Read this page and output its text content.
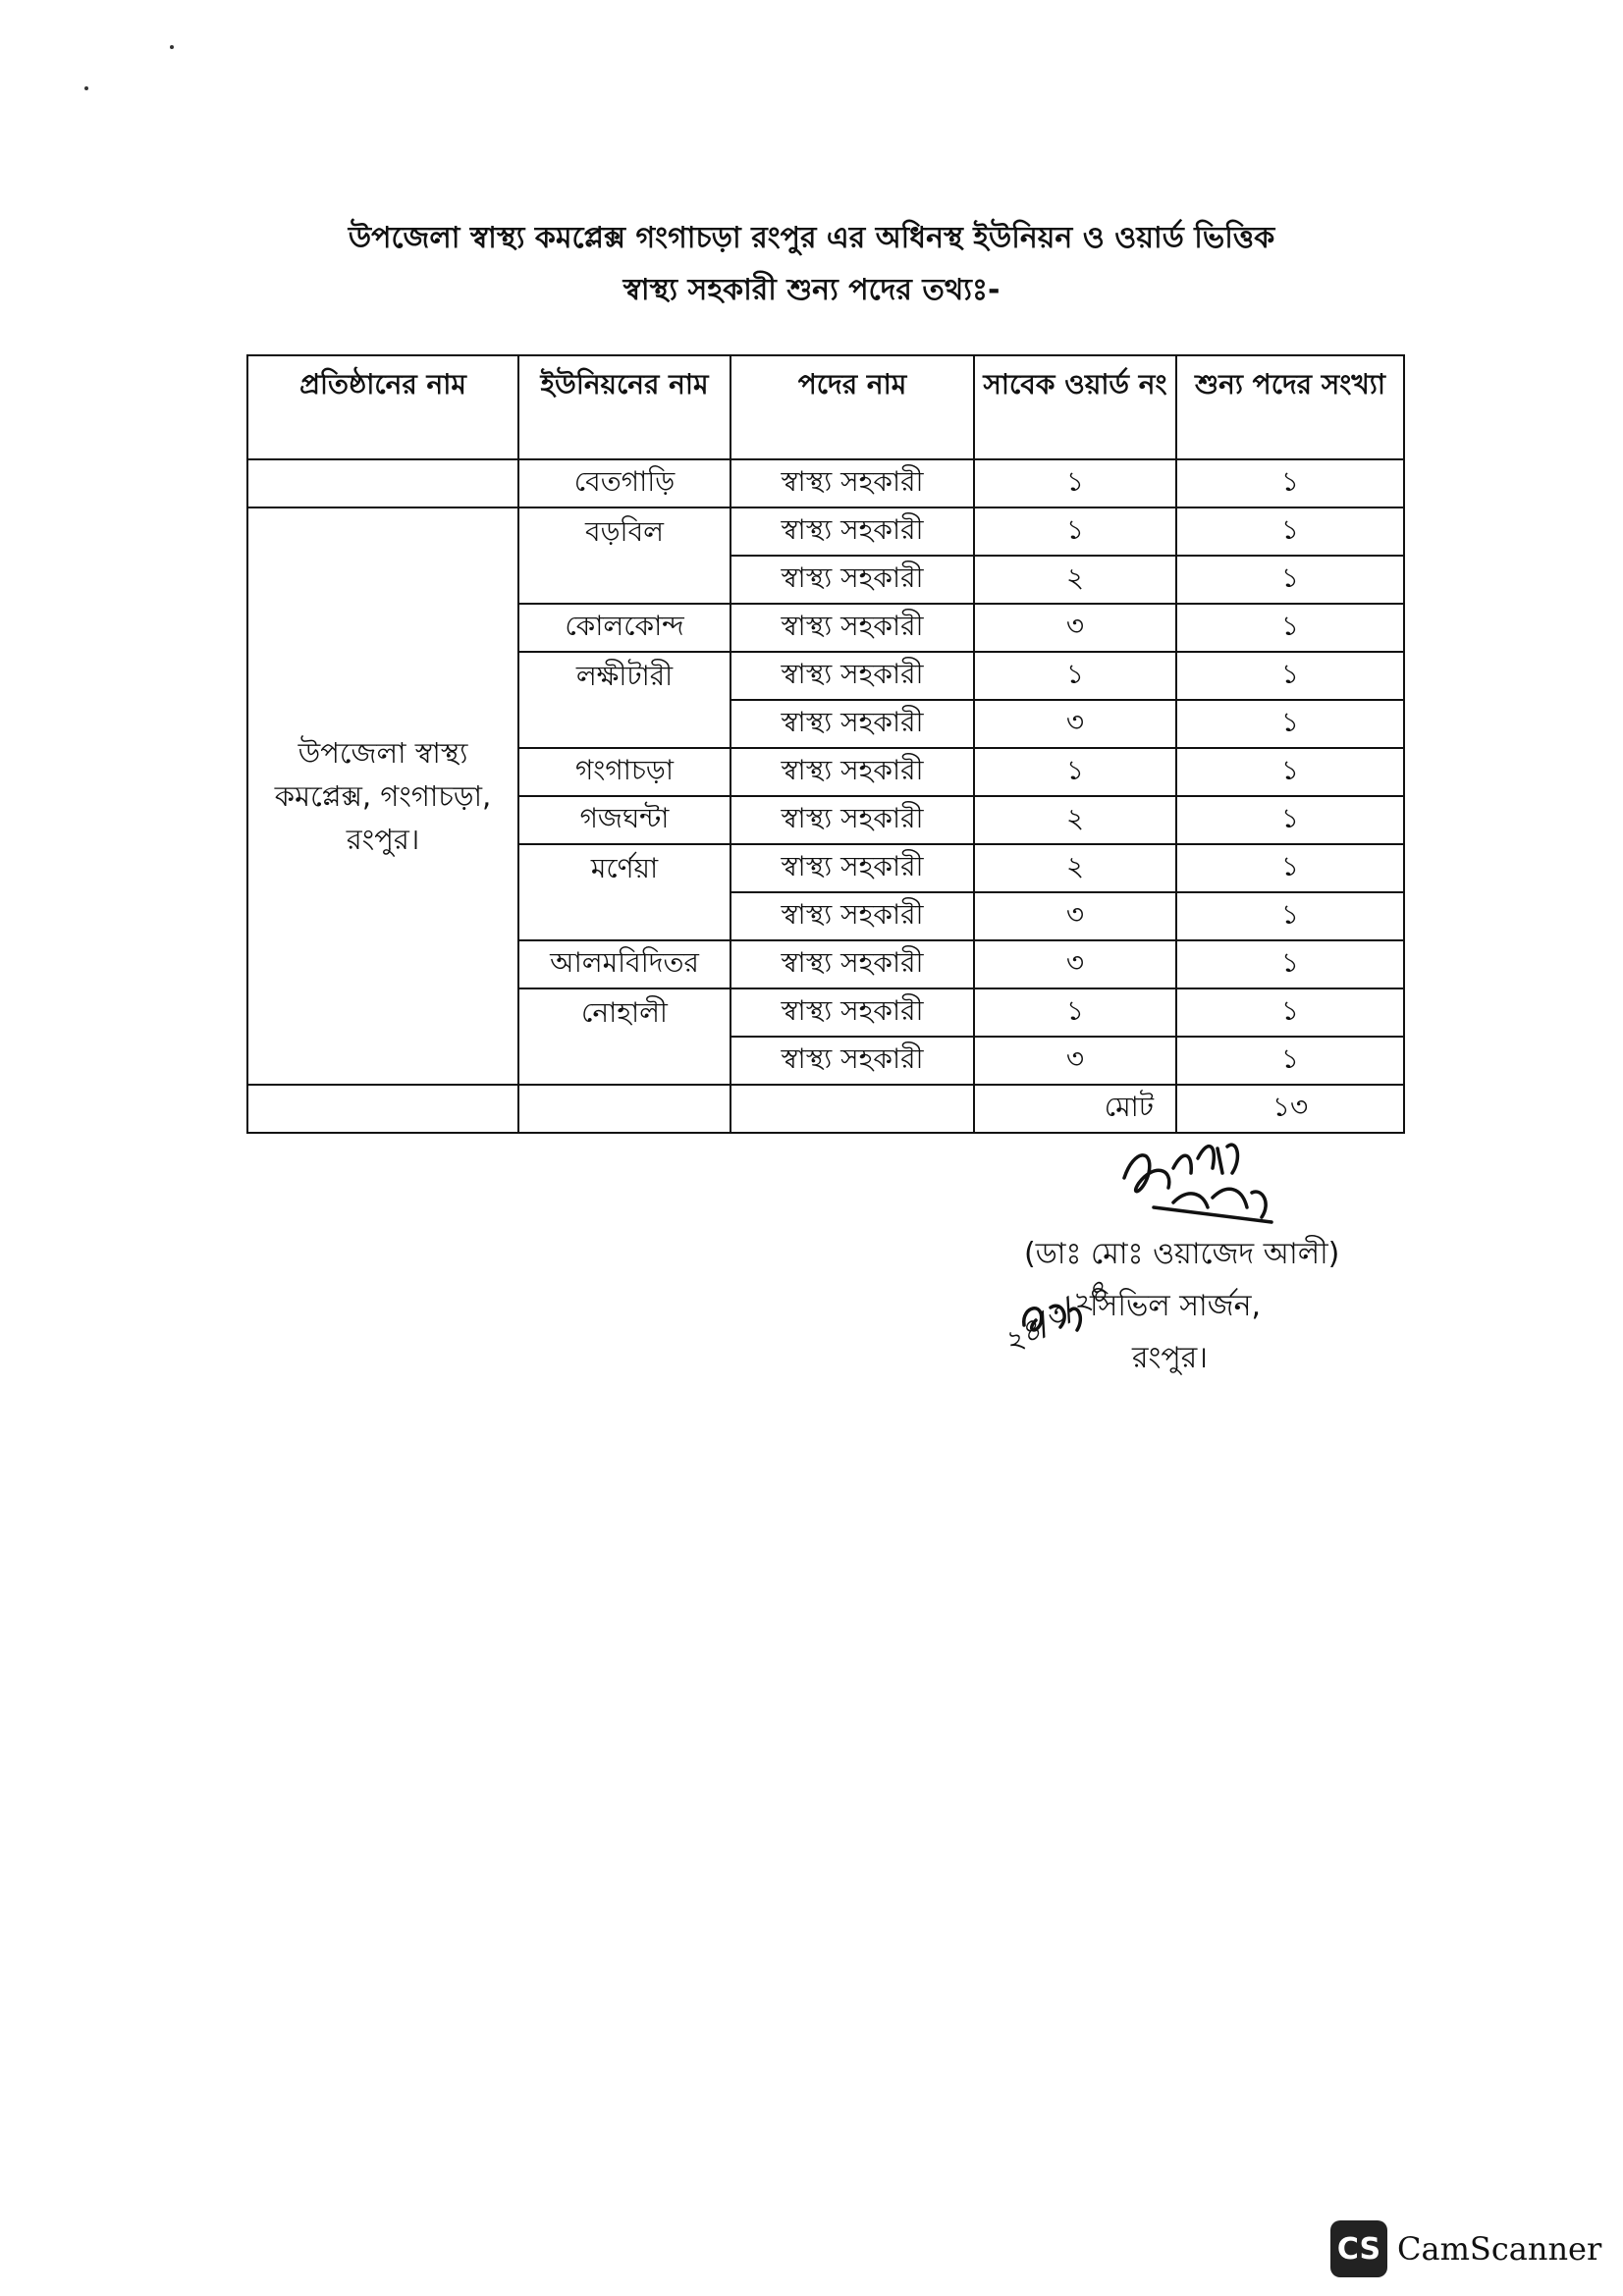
উপজেলা স্বাস্থ্য কমপ্লেক্স গংগাচড়া রংপুর এর অধিনস্থ ইউনিয়ন ও ওয়ার্ড ভিত্তিক
স্বাস্থ্য সহকারী শুন্য পদের তথ্যঃ-
প্রতিষ্ঠানের নাম	ইউনিয়নের নাম	পদের নাম	সাবেক ওয়ার্ড নং	শুন্য পদের সংখ্যা
	বেতগাড়ি	স্বাস্থ্য সহকারী	১	১
উপজেলা স্বাস্থ্য কমপ্লেক্স, গংগাচড়া, রংপুর।	বড়বিল	স্বাস্থ্য সহকারী	১	১
		স্বাস্থ্য সহকারী	২	১
	কোলকোন্দ	স্বাস্থ্য সহকারী	৩	১
	লক্ষীটারী	স্বাস্থ্য সহকারী	১	১
		স্বাস্থ্য সহকারী	৩	১
	গংগাচড়া	স্বাস্থ্য সহকারী	১	১
	গজঘন্টা	স্বাস্থ্য সহকারী	২	১
	মর্ণেয়া	স্বাস্থ্য সহকারী	২	১
		স্বাস্থ্য সহকারী	৩	১
	আলমবিদিতর	স্বাস্থ্য সহকারী	৩	১
	নোহালী	স্বাস্থ্য সহকারী	১	১
		স্বাস্থ্য সহকারী	৩	১
			মোট	১৩
(ডাঃ মোঃ ওয়াজেদ আলী)
সিভিল সার্জন,
রংপুর।
২৪/৩/২৪
CS CamScanner
